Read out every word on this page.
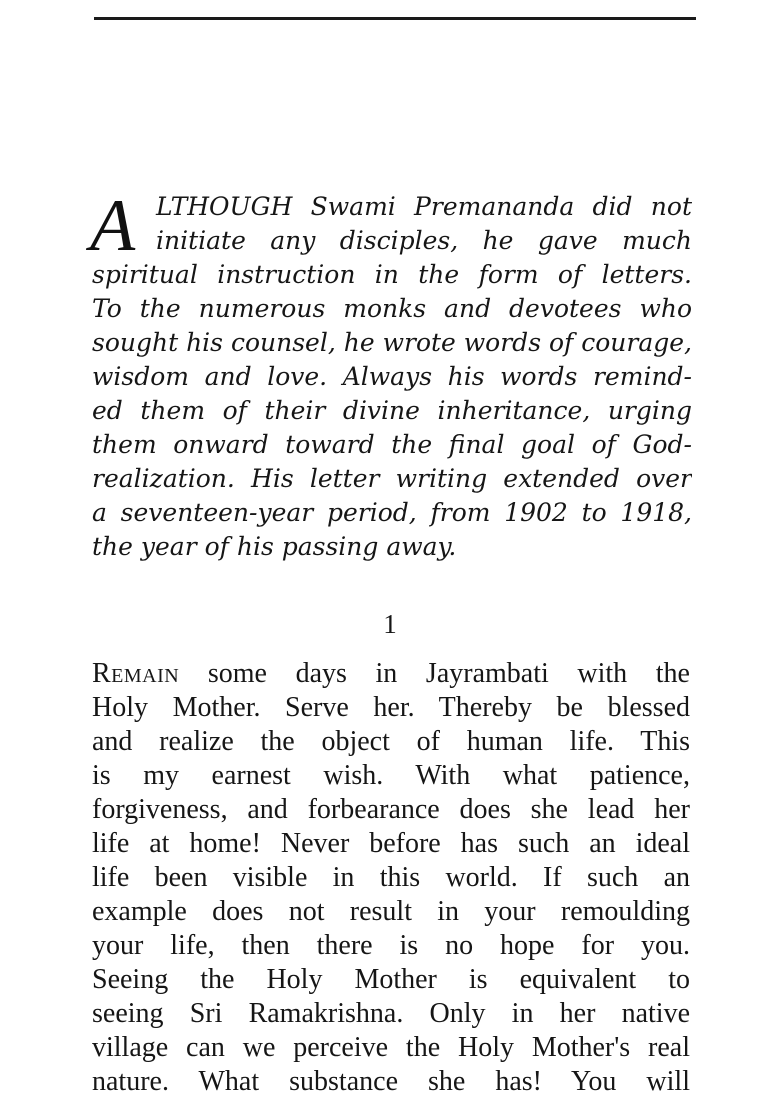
A LTHOUGH Swami Premananda did not
initiate any disciples, he gave much
spiritual instruction in the form of letters.
To the numerous monks and devotees who
sought his counsel, he wrote words of courage,
wisdom and love. Always his words remind-
ed them of their divine inheritance, urging
them onward toward the final goal of God-
realization. His letter writing extended over
a seventeen-year period, from 1902 to 1918,
the year of his passing away.
1
Remain some days in Jayrambati with the
Holy Mother. Serve her. Thereby be blessed
and realize the object of human life. This
is my earnest wish. With what patience,
forgiveness, and forbearance does she lead her
life at home! Never before has such an ideal
life been visible in this world. If such an
example does not result in your remoulding
your life, then there is no hope for you.
Seeing the Holy Mother is equivalent to
seeing Sri Ramakrishna. Only in her native
village can we perceive the Holy Mother's real
nature. What substance she has! You will
